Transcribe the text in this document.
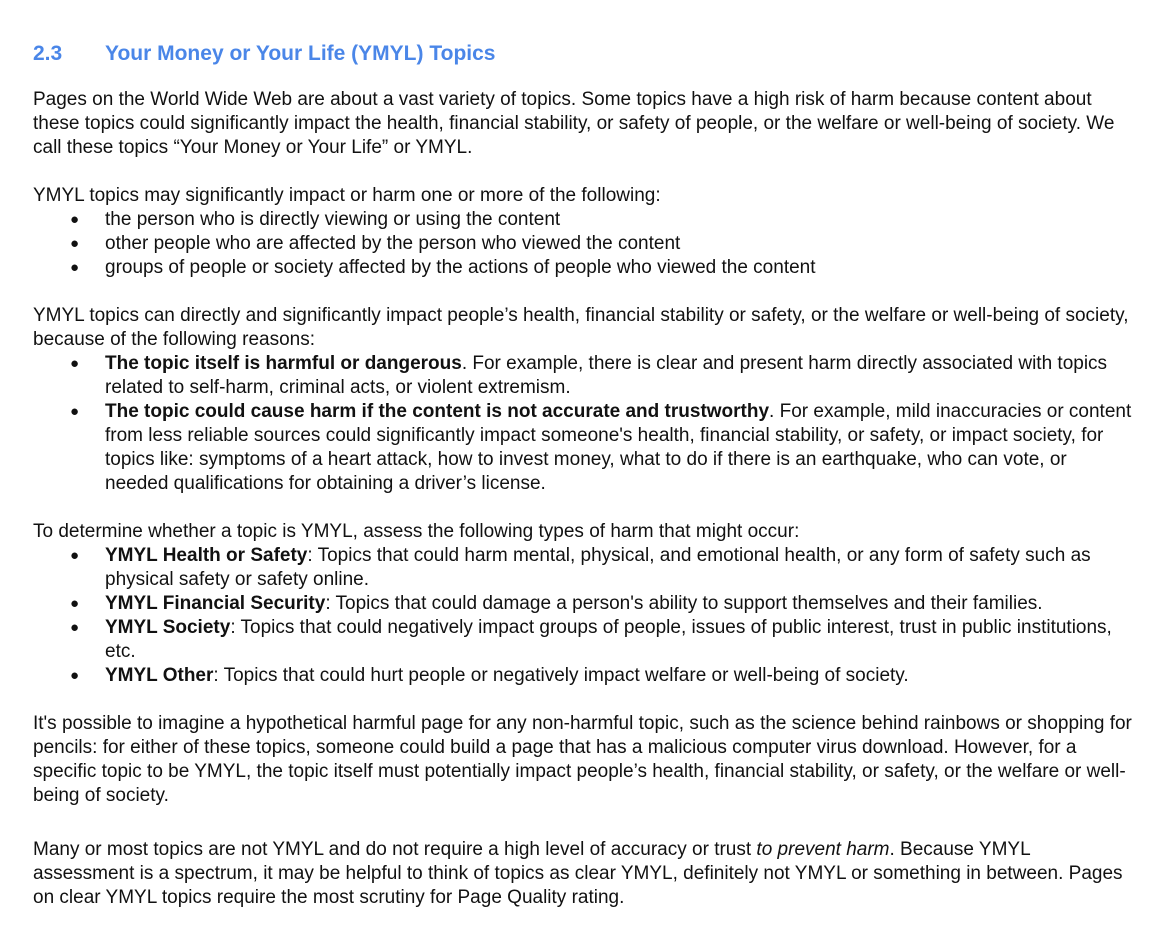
2.3	Your Money or Your Life (YMYL) Topics

Pages on the World Wide Web are about a vast variety of topics. Some topics have a high risk of harm because content about these topics could significantly impact the health, financial stability, or safety of people, or the welfare or well-being of society. We call these topics “Your Money or Your Life” or YMYL.

YMYL topics may significantly impact or harm one or more of the following:

● the person who is directly viewing or using the content
● other people who are affected by the person who viewed the content
● groups of people or society affected by the actions of people who viewed the content

YMYL topics can directly and significantly impact people’s health, financial stability or safety, or the welfare or well-being of society, because of the following reasons:

● The topic itself is harmful or dangerous. For example, there is clear and present harm directly associated with topics related to self-harm, criminal acts, or violent extremism.
● The topic could cause harm if the content is not accurate and trustworthy. For example, mild inaccuracies or content from less reliable sources could significantly impact someone's health, financial stability, or safety, or impact society, for topics like: symptoms of a heart attack, how to invest money, what to do if there is an earthquake, who can vote, or needed qualifications for obtaining a driver’s license.

To determine whether a topic is YMYL, assess the following types of harm that might occur:

● YMYL Health or Safety: Topics that could harm mental, physical, and emotional health, or any form of safety such as physical safety or safety online.
● YMYL Financial Security: Topics that could damage a person's ability to support themselves and their families.
● YMYL Society: Topics that could negatively impact groups of people, issues of public interest, trust in public institutions, etc.
● YMYL Other: Topics that could hurt people or negatively impact welfare or well-being of society.

It's possible to imagine a hypothetical harmful page for any non-harmful topic, such as the science behind rainbows or shopping for pencils: for either of these topics, someone could build a page that has a malicious computer virus download. However, for a specific topic to be YMYL, the topic itself must potentially impact people’s health, financial stability, or safety, or the welfare or well-being of society.

Many or most topics are not YMYL and do not require a high level of accuracy or trust to prevent harm. Because YMYL assessment is a spectrum, it may be helpful to think of topics as clear YMYL, definitely not YMYL or something in between. Pages on clear YMYL topics require the most scrutiny for Page Quality rating.
